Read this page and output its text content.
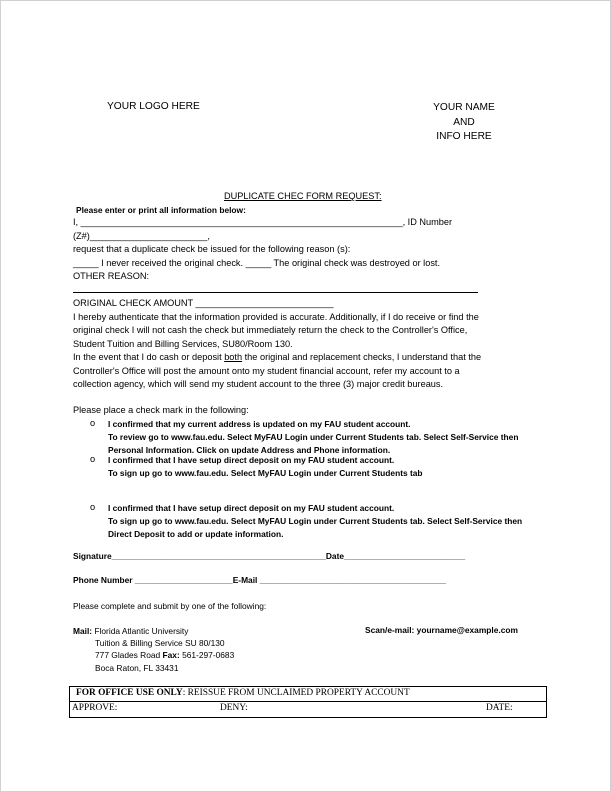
YOUR LOGO HERE	YOUR NAME
AND
INFO HERE
DUPLICATE CHEC FORM REQUEST:
Please enter or print all information below:
I, _______________________________________________________________, ID Number
(Z#)_______________________,
request that a duplicate check be issued for the following reason (s):
_____ I never received the original check. _____ The original check was destroyed or lost.
OTHER REASON:
ORIGINAL CHECK AMOUNT ___________________________
I hereby authenticate that the information provided is accurate. Additionally, if I do receive or find the
original check I will not cash the check but immediately return the check to the Controller's Office,
Student Tuition and Billing Services, SU80/Room 130.
In the event that I do cash or deposit both the original and replacement checks, I understand that the
Controller's Office will post the amount onto my student financial account, refer my account to a
collection agency, which will send my student account to the three (3) major credit bureaus.
Please place a check mark in the following:
o I confirmed that my current address is updated on my FAU student account.
To review go to www.fau.edu. Select MyFAU Login under Current Students tab. Select Self-Service then
Personal Information. Click on update Address and Phone information.
o I confirmed that I have setup direct deposit on my FAU student account.
To sign up go to www.fau.edu. Select MyFAU Login under Current Students tab
o I confirmed that I have setup direct deposit on my FAU student account.
To sign up go to www.fau.edu. Select MyFAU Login under Current Students tab. Select Self-Service then
Direct Deposit to add or update information.
Signature______________________________________________Date__________________________
Phone Number _____________________E-Mail ________________________________________
Please complete and submit by one of the following:
Mail: Florida Atlantic University
Tuition & Billing Service SU 80/130
777 Glades Road Fax: 561-297-0683
Boca Raton, FL 33431
Scan/e-mail: yourname@example.com
FOR OFFICE USE ONLY: REISSUE FROM UNCLAIMED PROPERTY ACCOUNT
APPROVE:	DENY:	DATE:
